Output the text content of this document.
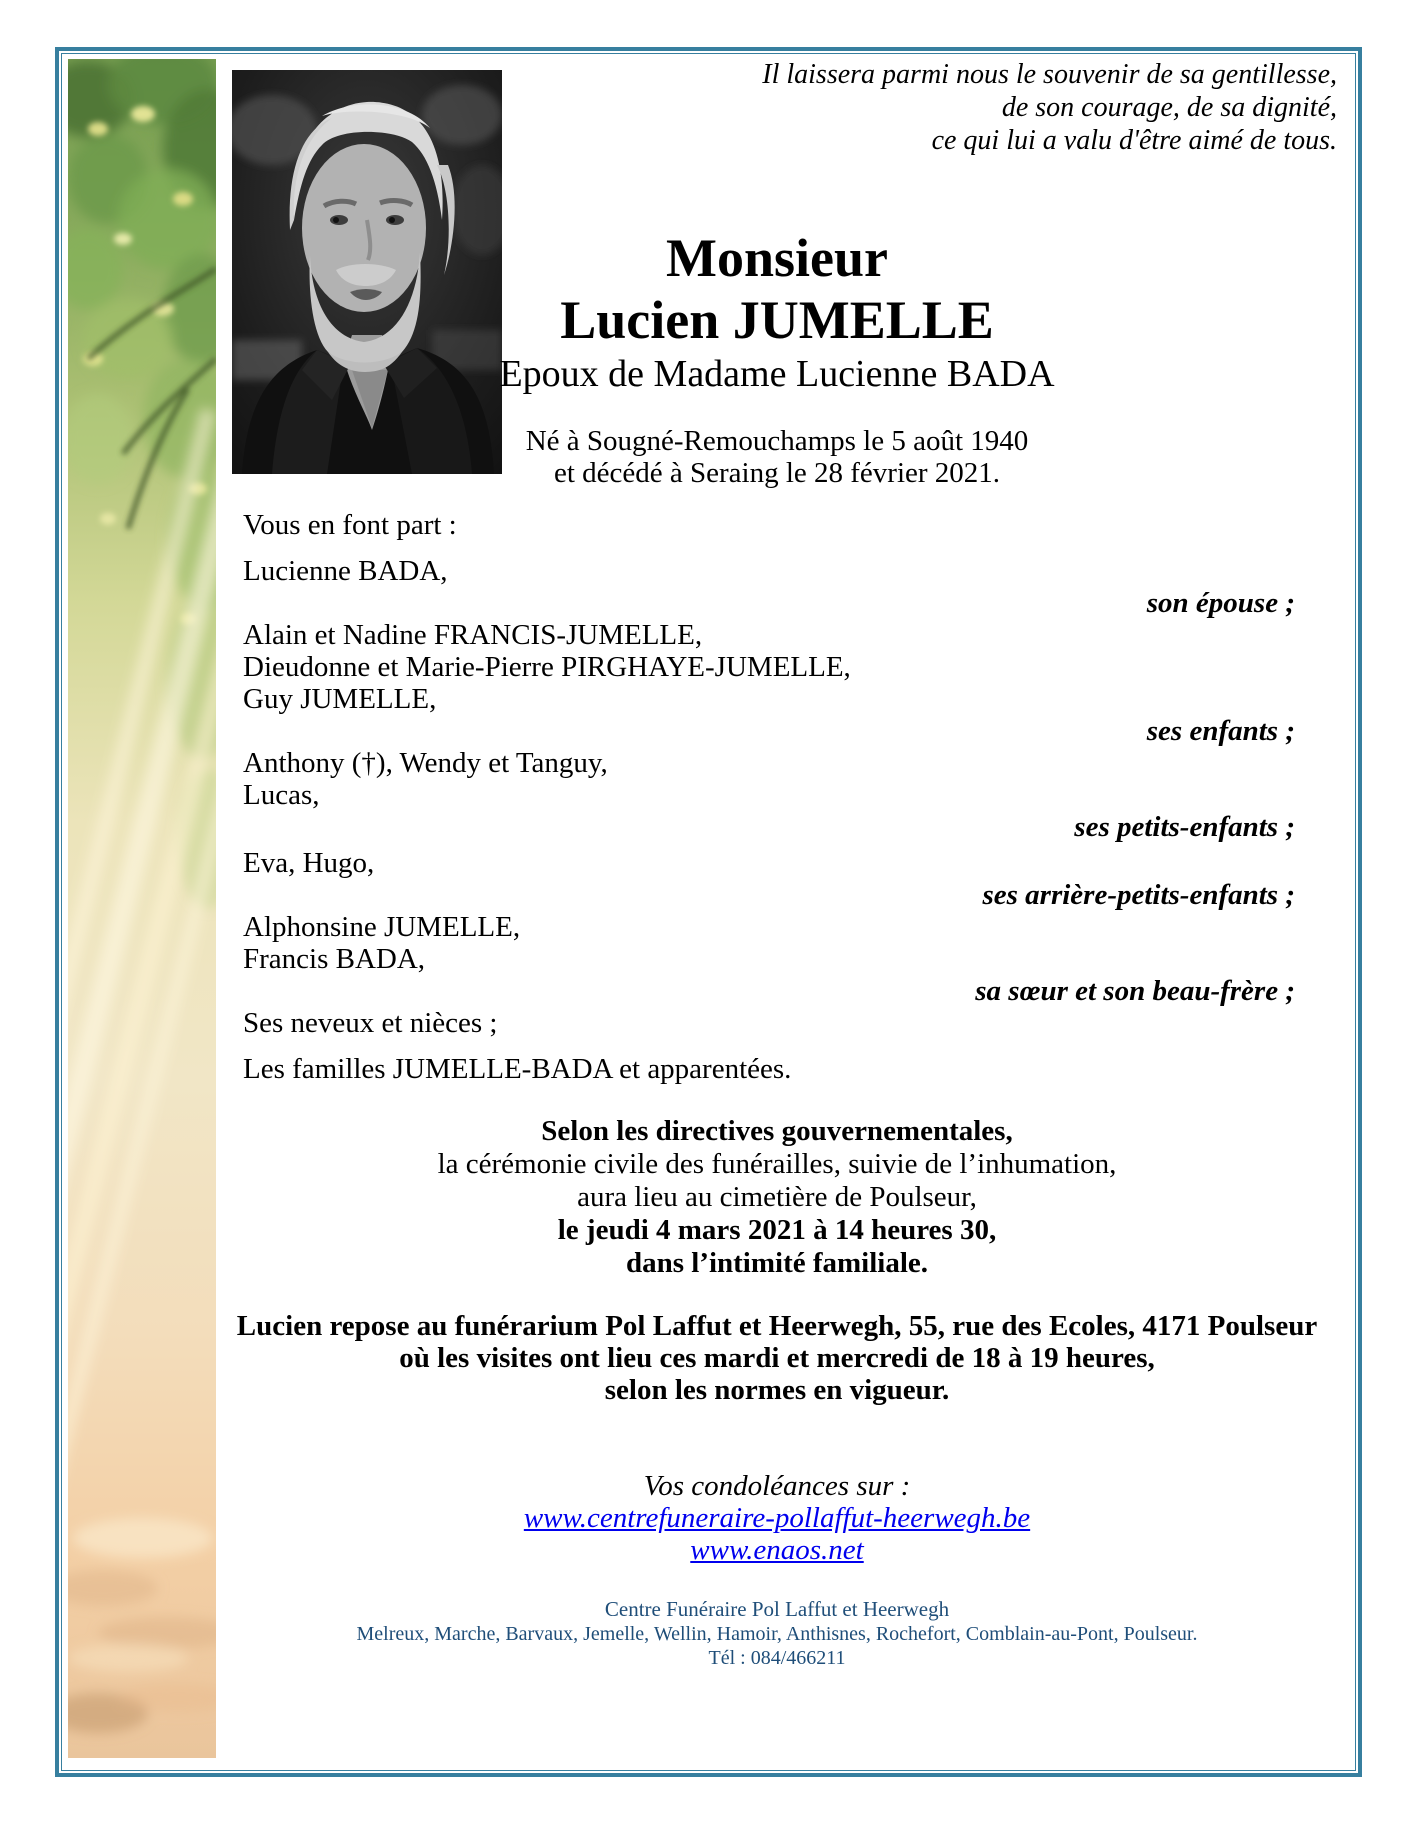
Il laissera parmi nous le souvenir de sa gentillesse,
de son courage, de sa dignité,
ce qui lui a valu d'être aimé de tous.
Monsieur
Lucien JUMELLE
Epoux de Madame Lucienne BADA
Né à Sougné-Remouchamps le 5 août 1940
et décédé à Seraing le 28 février 2021.
Vous en font part :
Lucienne BADA,
son épouse ;
Alain et Nadine FRANCIS-JUMELLE,
Dieudonne et Marie-Pierre PIRGHAYE-JUMELLE,
Guy JUMELLE,
ses enfants ;
Anthony (†), Wendy et Tanguy,
Lucas,
ses petits-enfants ;
Eva, Hugo,
ses arrière-petits-enfants ;
Alphonsine JUMELLE,
Francis BADA,
sa sœur et son beau-frère ;
Ses neveux et nièces ;
Les familles JUMELLE-BADA et apparentées.
Selon les directives gouvernementales,
la cérémonie civile des funérailles, suivie de l’inhumation,
aura lieu au cimetière de Poulseur,
le jeudi 4 mars 2021 à 14 heures 30,
dans l’intimité familiale.
Lucien repose au funérarium Pol Laffut et Heerwegh, 55, rue des Ecoles, 4171 Poulseur
où les visites ont lieu ces mardi et mercredi de 18 à 19 heures,
selon les normes en vigueur.
Vos condoléances sur :
www.centrefuneraire-pollaffut-heerwegh.be
www.enaos.net
Centre Funéraire Pol Laffut et Heerwegh
Melreux, Marche, Barvaux, Jemelle, Wellin, Hamoir, Anthisnes, Rochefort, Comblain-au-Pont, Poulseur.
Tél : 084/466211
